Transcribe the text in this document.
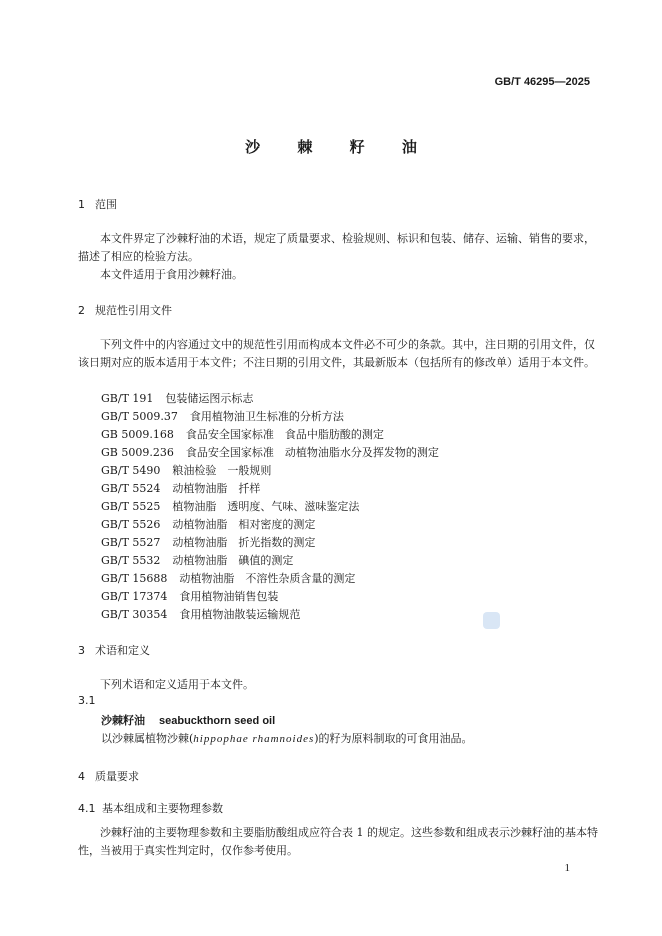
GB/T 46295—2025
沙 棘 籽 油
1 范围
本文件界定了沙棘籽油的术语，规定了质量要求、检验规则、标识和包装、储存、运输、销售的要求，描述了相应的检验方法。
本文件适用于食用沙棘籽油。
2 规范性引用文件
下列文件中的内容通过文中的规范性引用而构成本文件必不可少的条款。其中，注日期的引用文件，仅该日期对应的版本适用于本文件；不注日期的引用文件，其最新版本（包括所有的修改单）适用于本文件。
GB/T 191 包装储运图示标志
GB/T 5009.37 食用植物油卫生标准的分析方法
GB 5009.168 食品安全国家标准　食品中脂肪酸的测定
GB 5009.236 食品安全国家标准　动植物油脂水分及挥发物的测定
GB/T 5490 粮油检验　一般规则
GB/T 5524 动植物油脂　扦样
GB/T 5525 植物油脂　透明度、气味、滋味鉴定法
GB/T 5526 动植物油脂　相对密度的测定
GB/T 5527 动植物油脂　折光指数的测定
GB/T 5532 动植物油脂　碘值的测定
GB/T 15688 动植物油脂　不溶性杂质含量的测定
GB/T 17374 食用植物油销售包装
GB/T 30354 食用植物油散装运输规范
3 术语和定义
下列术语和定义适用于本文件。
3.1
沙棘籽油 seabuckthorn seed oil
以沙棘属植物沙棘(hippophae rhamnoides)的籽为原料制取的可食用油品。
4 质量要求
4.1 基本组成和主要物理参数
沙棘籽油的主要物理参数和主要脂肪酸组成应符合表 1 的规定。这些参数和组成表示沙棘籽油的基本特性，当被用于真实性判定时，仅作参考使用。
1
